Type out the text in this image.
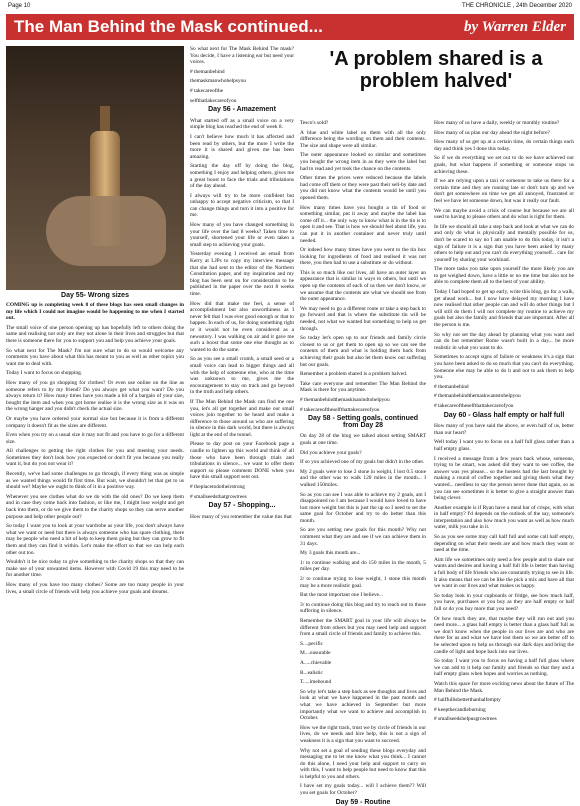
Page 10	THE CHRONICLE , 24th December 2020
The Man Behind the Mask continued...	by Warren Elder
Day 55- Wrong sizes
'A problem shared is a problem halved'

COMING up is completing week 8 of these blogs has seen small changes in my life which I could not imagine would be happening to me when I started out.

The small voice of one person opening up has hopefully left to others doing the same and realising not only are they not alone in their lives and struggles but that there is someone there for you to support you and help you achieve your goals.

So what next for The Mask? I'm not sure what to do so would welcome any comments you have about what this has meant to you as well as other topics you want me to deal with.

Today I want to focus on shopping.

How many of you go shopping for clothes? Or even use online on the line as someone refers to by my friend? Do you always get what you want? Do you always return it? How many times have you made a bit of a bargain of your size, bought the item and when you got home realise it is the wrong size as it was on the wrong hanger and you didn't check the actual size.

Or maybe you have ordered your normal size but because it is from a different company it doesn't fit as the sizes are different.

Even when you try on a usual size it may not fit and you have to go for a different size.

All challenges to getting the right clothes for you and meeting your needs. Sometimes they don't look how you expected or don't fit you because you really want it, but do you not wear it?

Recently, we've had some challenges to go through, if every thing was as simple as we wanted things would fit first time. But wait, we shouldn't let that get to us should we? Maybe we ought to think of it in a positive way.

Whenever you see clothes what do we do with the old ones? Do we keep them and in case they come back into fashion, or like me, I might lose weight and get back into them, or do we give them to the charity shops so they can serve another purpose and help other people out?

So today I want you to look at your wardrobe as your life, you don't always have what we want or need but there is always someone who has spare clothing, there may be people who need a bit of help to keep them going but they can grow to fit them and they can find it within. Let's make the effort so that we can help each other out too.

Wouldn't it be nice today to give something to the charity shops so that they can make use of your unwanted items. However with Covid 19 this may need to be for another time.

How many of you have too many clothes? Some are too many people in your lives, a small circle of friends will help you achieve your goals and dreams.

So what next for The Mask Behind The mask? You decide, I have a listening ear but need your voices.

# themanbehind

themaskmanwhohelpsyou

# takecareofthe

selfthatlakecareofyou

Day 56 - Amazement

What started off as a small voice on a very simple blog has reached the end of week 8.

I can't believe how much it has affected and been read by others, but the more I write the more it is shared and given me has been amazing.

Starting the day off by doing the blog, something I enjoy and helping others, gives me a great boost to face the trials and tribulations of the day ahead.

I always will try to be more confident but unhappy to accept negative criticism, so that I can change things and turn it into a positive for me.

How many of you have changed something in your life over the last 8 weeks? Taken time to yourself, shortened your life or even taken a small step to achieving your goals.

Yesterday evening I received an email from Kerry at LJPs to copy my interview message that she had sent to the editor of the Northern Constitution paper, and my inspiration and my blog has been sent on for consideration to be published in the paper over the next 8 weeks time.

How did that make me feel, a sense of accomplishment but also unworthiness as I never felt that I was ever good enough or that to happen. In each of us, for doing something right or it would not be even considered as a newsstory. I was walking on air and it gave me such a boost that some one else thought as to wanted to do the same.

So as you see a small crumb, a small seed or a small voice can lead to bigger things and all with the help of someone else, who at the time was unknown to me, gives me the encouragement to stay on track and go beyond in the truth and help others.

If The Man Behind the Mask can find me one you, let's all get together and make our small voices join together to be heard and make a difference to those around us who are suffering in silence in this dark world, but there is always light at the end of the tunnel.

Please to day post on your Facebook page a candle to lighten up this world and think of all those who have been through trials and tribulations in silence... we want to offer them support so please comment DONE when you have this small support sent out.

# theplacetodotheirstrong

# smallseedsthatgrowtrees

Day 57 - Shopping...

How many of you remember the value tins that

Tesco's sold?

A blue and white label on them with all the only difference being the wording on them and their contents. The size and shape were all similar.

The outer appearance looked so similar and sometimes you bought the wrong item in as they were the label but had to read and yet took the chance on the contents.

Other times the prices were reduced because the labels had come off them or they were past their sell-by date and you did not know what the contents would be until you opened them.

How many times have you bought a tin of food or something similar, put it away and maybe the label has come off it... the only way to know what is in the tin is to open it and see. That is how we should feel about life, you can put it in another container and never truly until needed.

Or indeed how many times have you went to the tin box looking for ingredients of food and realised it was not there, you then had to use a substitute or do without.

This is so much like our lives, all have an outer layer an appearance that is similar in ways to others, but until we open up the contents of each of us then we don't know, or we assume that the contents are what we should see from the outer appearance.

We may need to go a different route or take a step back to go forward and that is where the substitute tin will be needed, not what we wanted but something to help us get through.

So today let's open up to our friends and family circle closest to us or get them to open up so we can see the contents of them and what is holding them back from achieving their goals but also let them know our suffering but our goals.

Remember a problem shared is a problem halved.

Take care everyone and remember The Man Behind the Mask is there for you anytime.

# themanbehindthemaskisanindtohelpyou

# takecareoftheselfthattakecareofyou

Day 58 - Setting goals, continued from Day 28

On day 28 of the blog we talked about setting SMART goals at one time.

Did you achieve your goals?

If so you achieved one of my goals but didn't in the other.

My 2 goals were to lose 2 stone in weight, I lost 0.5 stone and the other was to walk 120 miles in the month... I walked 150miles.

So as you can see I was able to achieve my 2 goals, am I disappointed no I am because I would have loved to have lost more weight but this is just the up so I need to set the same goal for October and try to do better than this month.

So are you setting new goals for this month? Why not comment what they are and see if we can achieve them in 31 days.

My 3 goals this month are...

1/ to continue walking and do 150 miles in the month, 5 miles per day.

2/ to continue trying to lose weight, 1 stone this month may be a more realistic goal.

But the most important one I believe...

3/ to continue doing this blog and try to reach out to those suffering in silence.

Remember the SMART goal in your life will always be different from others but you may need help and support from a small circle of friends and family to achieve this.

S....pecific

M....easurable

A.....chievable

R...ealistic

T.....imebound

So why let's take a step back as see thoughts and lives and look at what we have happened in the past month and what we have achieved in September but more importantly what we want to achieve and accomplish in October.

How we the right track, trust we by circle of friends in our lives, do we needs and hire help, this is not a sign of weakness it is a sign that you want to succeed.

Why not set a goal of sending these blogs everyday and messaging me to let me know what you think... I cannot do this alone, I need your help and support to carry on with this, I want to help people but need to know that this is helpful to you and others.

I have set my goals today... will I achieve them?? Will you set goals for October?

Day 59 - Routine

How many of us have a daily, weekly or monthly routine?

How many of us plan our day ahead the night before?

How many of us get up at a certain time, do certain things each day and think yes I done this today.

So if we do everything we set out to do we have achieved our goals, but what happens if something or someone stops us achieving these.

If we are relying upon a taxi or someone to take us there for a certain time and they are running late or don't turn up and we don't get somewhere on time we get all annoyed, frustrated or feel we have let someone down, but was it really our fault.

We can maybe avoid a crisis of course but because we are all used to having to please others and do what is right for them.

In life we should all take a step back and look at what we can do and only do what is physically and mentally possible for us, don't be scared to say no I am unable to do this today, it isn't a sign of failure it is a sign that you have been asked by many others to help out and you can't do everything yourself... care for yourself by sharing your workload.

The more tasks you take upon yourself the more likely you are to get weighed down, have a little or no me time but also not be able to complete them all to the best of your ability.

Today I had hoped to get up early, write this blog, go for a walk, get ahead work... but I now have delayed my morning I have now realised that other people can and will do other things but I will still do them I will not complete my routine to achieve my goals but also the family and friends that are important. After all the person is me.

So why not set the day ahead by planning what you want and can do but remember Rome wasn't built in a day... be more realistic in what you want to do.

Sometimes to accept signs of failure or weakness it's a sign that you have been asked to do so much that you can't do everything. Someone else may be able to do it and not to ask them to help you.

# themanbehind

# themanbehindthemaskwantstohelpyou

# takecareoftheselfthattakecareofyou

Day 60 - Glass half empty or half full

How many of you have said the above, or even half of us, better than our heart?

Well today I want you to focus on a half full glass rather than a half empty glass.

I received a message from a few years back whose, someone, trying to be smart, was asked did they want to see coffee, the answer was yes please... so the hostess had the last brought by making a round of coffee together and giving them what they wanted... needless to say the person never done that again, so as you can see sometimes it is better to give a straight answer than being clever.

Another example is if Ryan have a meal bar of crisps, with what in half empty? I'd depends on the outlook of the say, someone's interpretation and also how much you want as well as how much water, milk you take in it.

So as you see some may call half full and some call half empty, depending on what their needs are and how much they want or need at the time.

Aim life we sometimes only need a few people and to share our wants and desires and having a half full life is better than having a full body of life friends who are constantly trying to see in life. It also means that we can be like the pick a mix and have all that we want in our lives and what makes us happy.

So today look in your cupboards or fridge, see how much half, you have, purchases or you buy as they are half empty or half full or do you buy more that you need?

Or how much they are, that maybe they will run out and you need more... a glass half empty is better than a glass half full as we don't know when the people in our lives are and who are there for us and what we have lost them so we are better off to be selected upon to help us through our dark days and bring the candle of light and hope back into our lives.

So today I want you to focus on having a half full glass where we can add to it help our family and friends so that they and a half empty glass when hopes and worries as nothing.

Watch this space for more exciting news about the future of The Man Behind the Mask.

# halffullisbetterthanhalfempty

# keepthecandleburning

# smallseedshelpusgrowtrees
